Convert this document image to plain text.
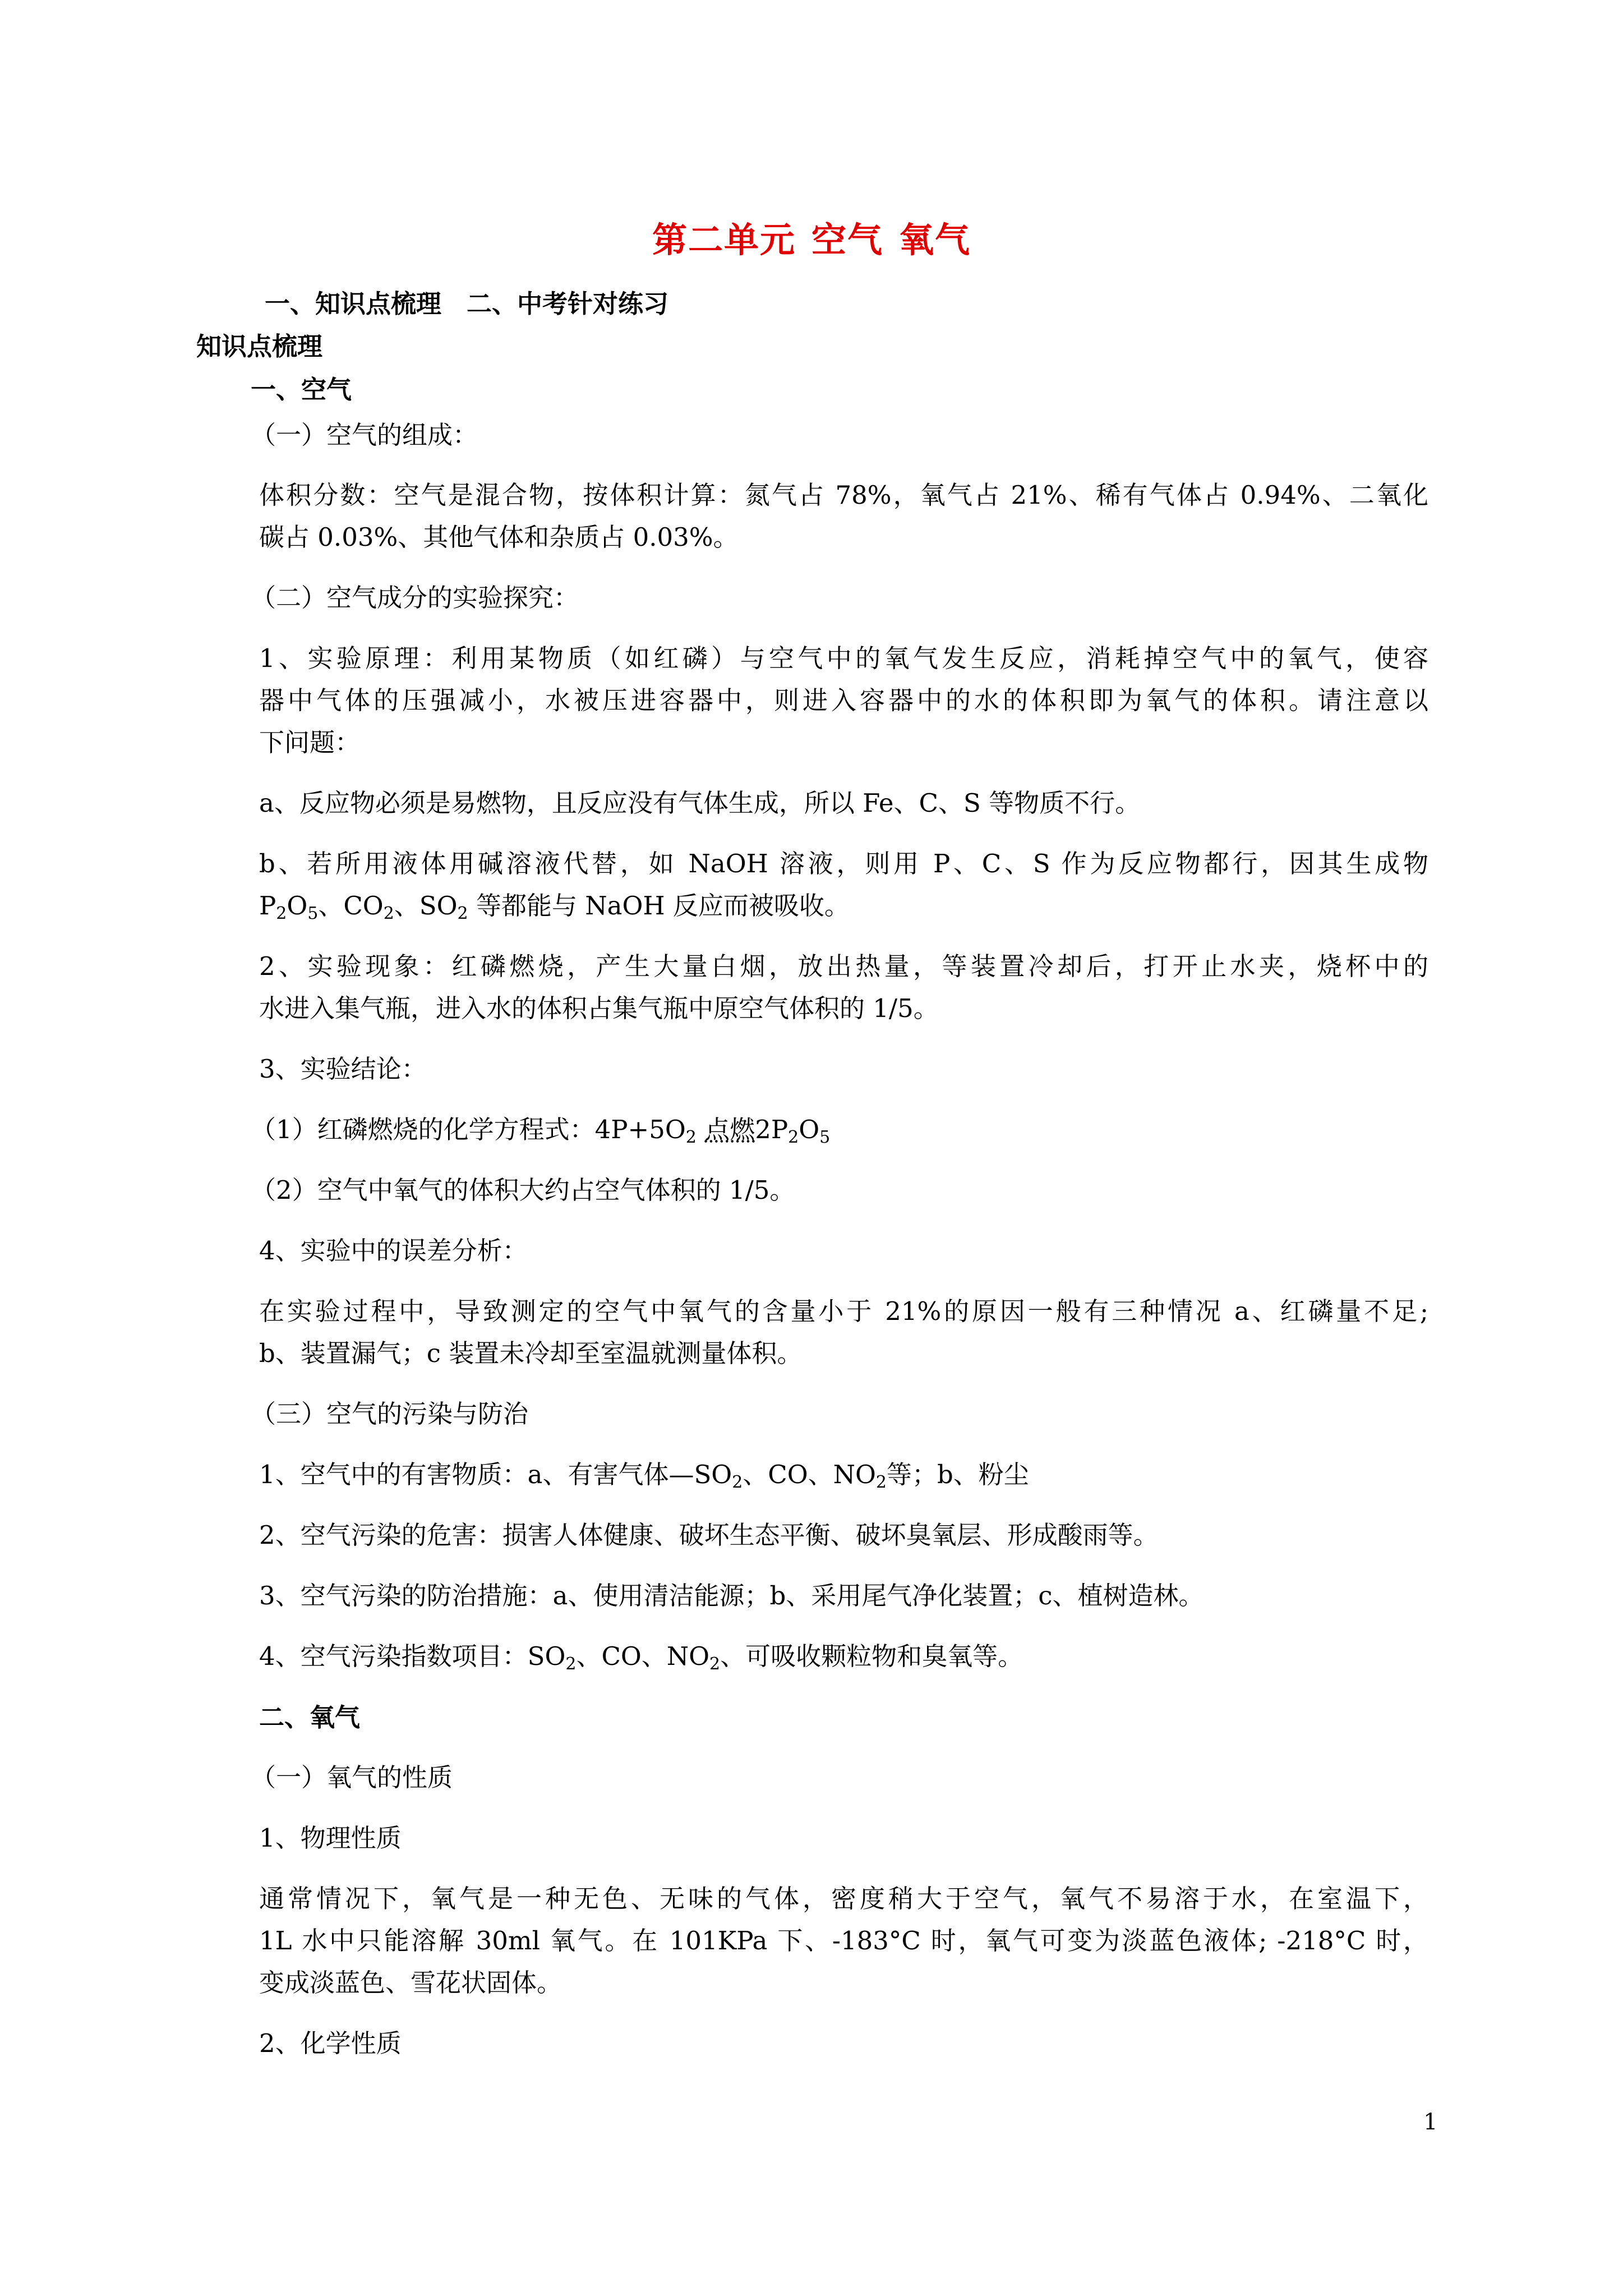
第二单元 空气 氧气
一、知识点梳理　二、中考针对练习
知识点梳理
一、空气
（一）空气的组成：
体积分数：空气是混合物，按体积计算：氮气占 78%，氧气占 21%、稀有气体占 0.94%、二氧化
碳占 0.03%、其他气体和杂质占 0.03%。
（二）空气成分的实验探究：
1、实验原理：利用某物质（如红磷）与空气中的氧气发生反应，消耗掉空气中的氧气，使容
器中气体的压强减小，水被压进容器中，则进入容器中的水的体积即为氧气的体积。请注意以
下问题：
a、反应物必须是易燃物，且反应没有气体生成，所以 Fe、C、S 等物质不行。
b、若所用液体用碱溶液代替，如 NaOH 溶液，则用 P、C、S 作为反应物都行，因其生成物
$P_2O_5$、$CO_2$、$SO_2$ 等都能与 NaOH 反应而被吸收。
2、实验现象：红磷燃烧，产生大量白烟，放出热量，等装置冷却后，打开止水夹，烧杯中的
水进入集气瓶，进入水的体积占集气瓶中原空气体积的 1/5。
3、实验结论：
（1）红磷燃烧的化学方程式：$4P+5O_2$ 点燃$2P_2O_5$
（2）空气中氧气的体积大约占空气体积的 1/5。
4、实验中的误差分析：
在实验过程中，导致测定的空气中氧气的含量小于 21%的原因一般有三种情况 a、红磷量不足;
b、装置漏气；c 装置未冷却至室温就测量体积。
（三）空气的污染与防治
1、空气中的有害物质：a、有害气体$—SO_2$、CO、$NO_2$等；b、粉尘
2、空气污染的危害：损害人体健康、破坏生态平衡、破坏臭氧层、形成酸雨等。
3、空气污染的防治措施：a、使用清洁能源；b、采用尾气净化装置；c、植树造林。
4、空气污染指数项目：$SO_2$、CO、$NO_2$、可吸收颗粒物和臭氧等。
二、氧气
（一）氧气的性质
1、物理性质
通常情况下，氧气是一种无色、无味的气体，密度稍大于空气，氧气不易溶于水，在室温下，
1L 水中只能溶解 30ml 氧气。在 101KPa 下、-183°C 时，氧气可变为淡蓝色液体; -218°C 时，
变成淡蓝色、雪花状固体。
2、化学性质
1
